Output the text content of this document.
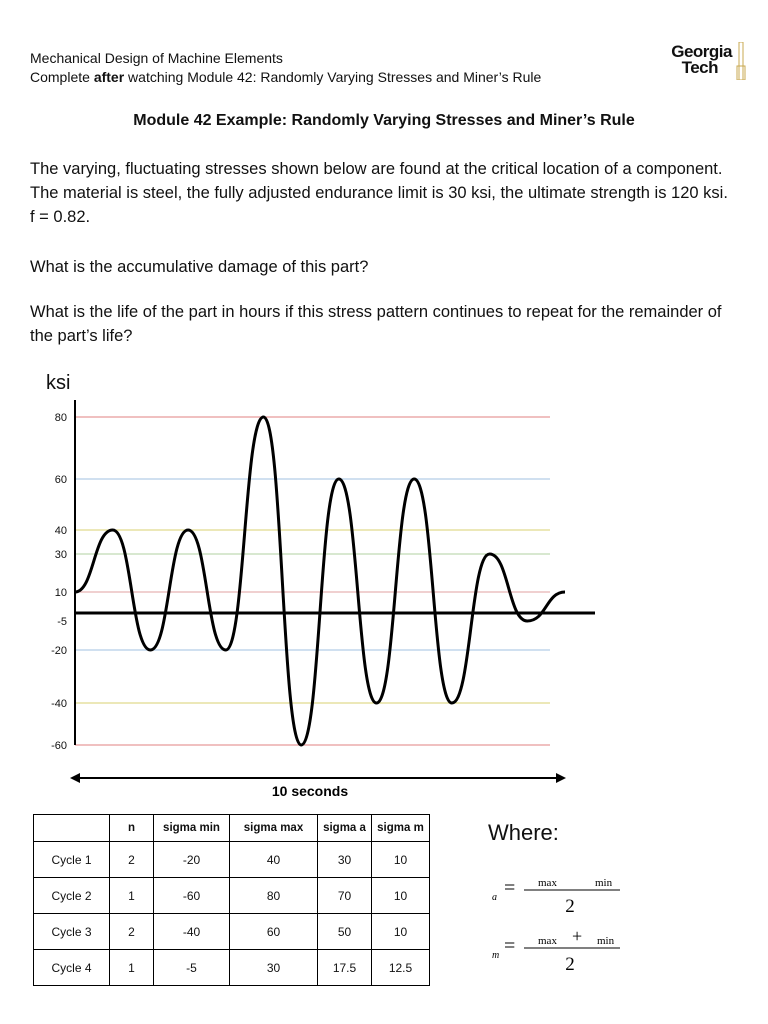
Mechanical Design of Machine Elements
Complete after watching Module 42: Randomly Varying Stresses and Miner’s Rule
Georgia
Tech
Module 42 Example: Randomly Varying Stresses and Miner’s Rule
The varying, fluctuating stresses shown below are found at the critical location of a component. The material is steel, the fully adjusted endurance limit is 30 ksi, the ultimate strength is 120 ksi. f = 0.82.
What is the accumulative damage of this part?
What is the life of the part in hours if this stress pattern continues to repeat for the remainder of the part’s life?
ksi
80
60
40
30
10
-5
-20
-40
-60
10 seconds
	n	sigma min	sigma max	sigma a	sigma m
Cycle 1	2	-20	40	30	10
Cycle 2	1	-60	80	70	10
Cycle 3	2	-40	60	50	10
Cycle 4	1	-5	30	17.5	12.5
Where:
a = max	min
2
m = max + min
2
